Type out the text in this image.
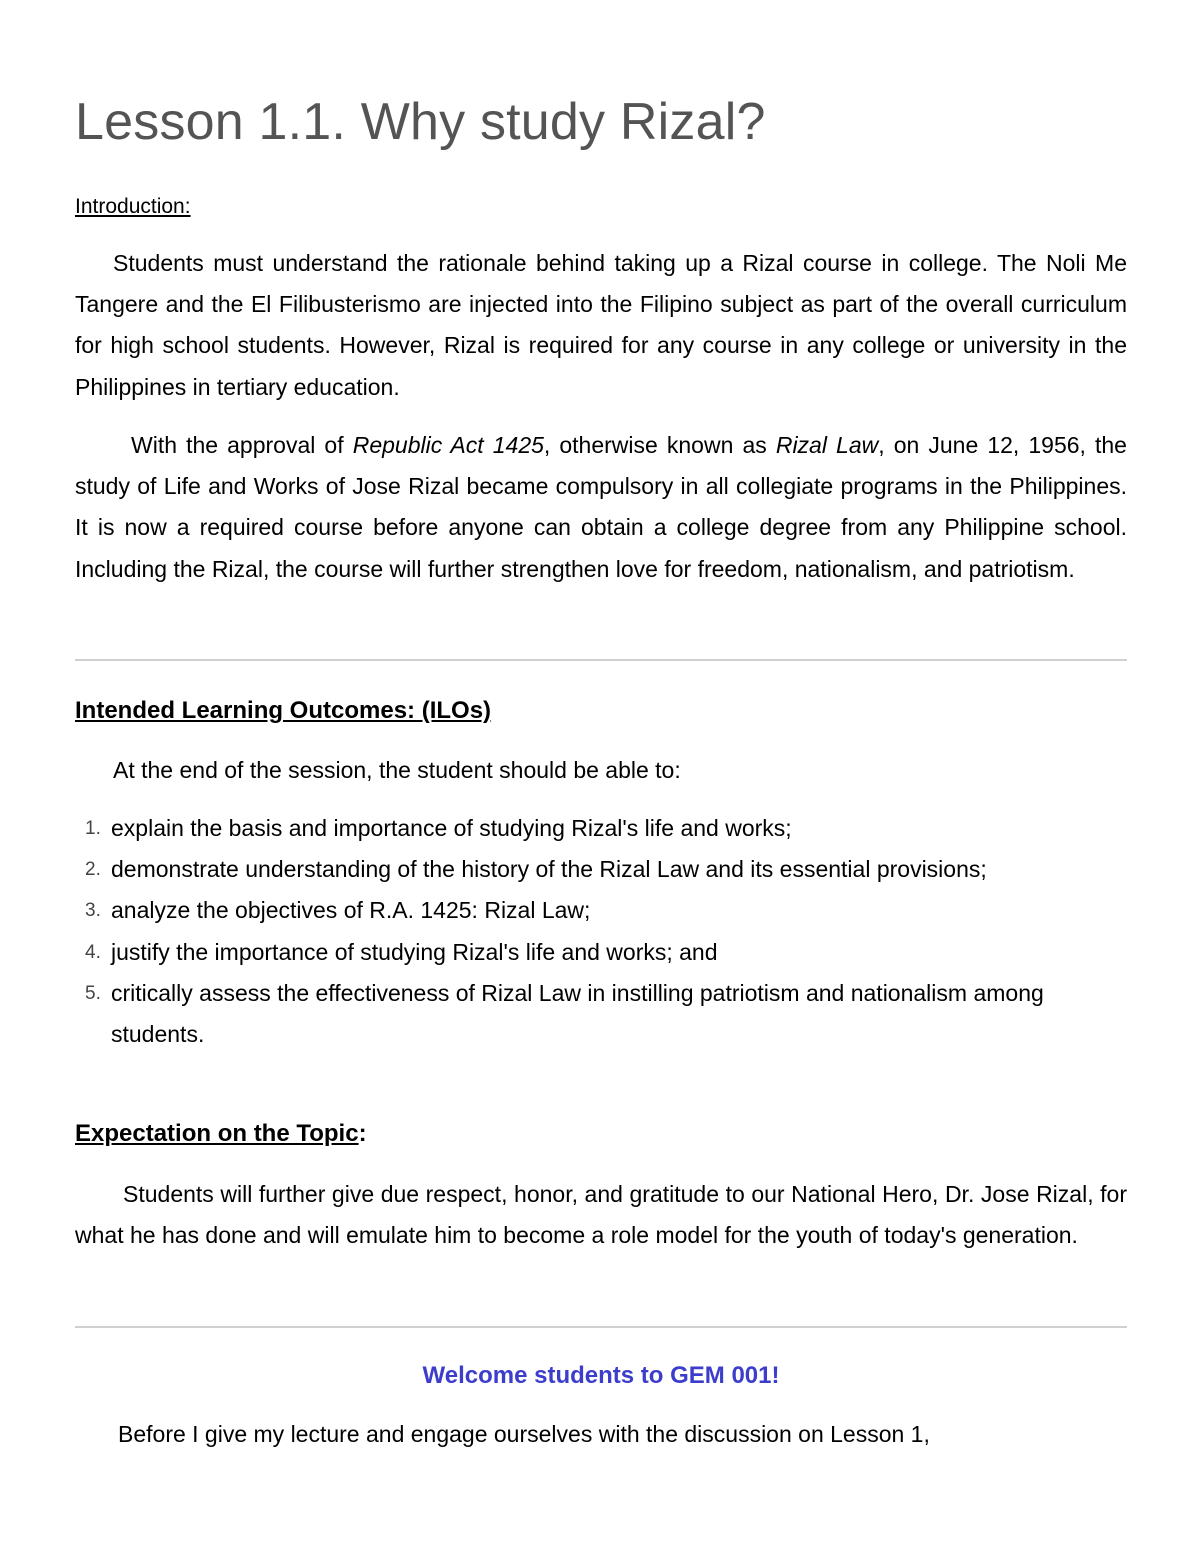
Lesson 1.1. Why study Rizal?
Introduction:

Students must understand the rationale behind taking up a Rizal course in college. The Noli Me Tangere and the El Filibusterismo are injected into the Filipino subject as part of the overall curriculum for high school students. However, Rizal is required for any course in any college or university in the Philippines in tertiary education.

With the approval of Republic Act 1425, otherwise known as Rizal Law, on June 12, 1956, the study of Life and Works of Jose Rizal became compulsory in all collegiate programs in the Philippines. It is now a required course before anyone can obtain a college degree from any Philippine school. Including the Rizal, the course will further strengthen love for freedom, nationalism, and patriotism.

Intended Learning Outcomes: (ILOs)
At the end of the session, the student should be able to:
1. explain the basis and importance of studying Rizal's life and works;
2. demonstrate understanding of the history of the Rizal Law and its essential provisions;
3. analyze the objectives of R.A. 1425: Rizal Law;
4. justify the importance of studying Rizal's life and works; and
5. critically assess the effectiveness of Rizal Law in instilling patriotism and nationalism among students.
Expectation on the Topic:

Students will further give due respect, honor, and gratitude to our National Hero, Dr. Jose Rizal, for what he has done and will emulate him to become a role model for the youth of today's generation.

Welcome students to GEM 001!

Before I give my lecture and engage ourselves with the discussion on Lesson 1,
